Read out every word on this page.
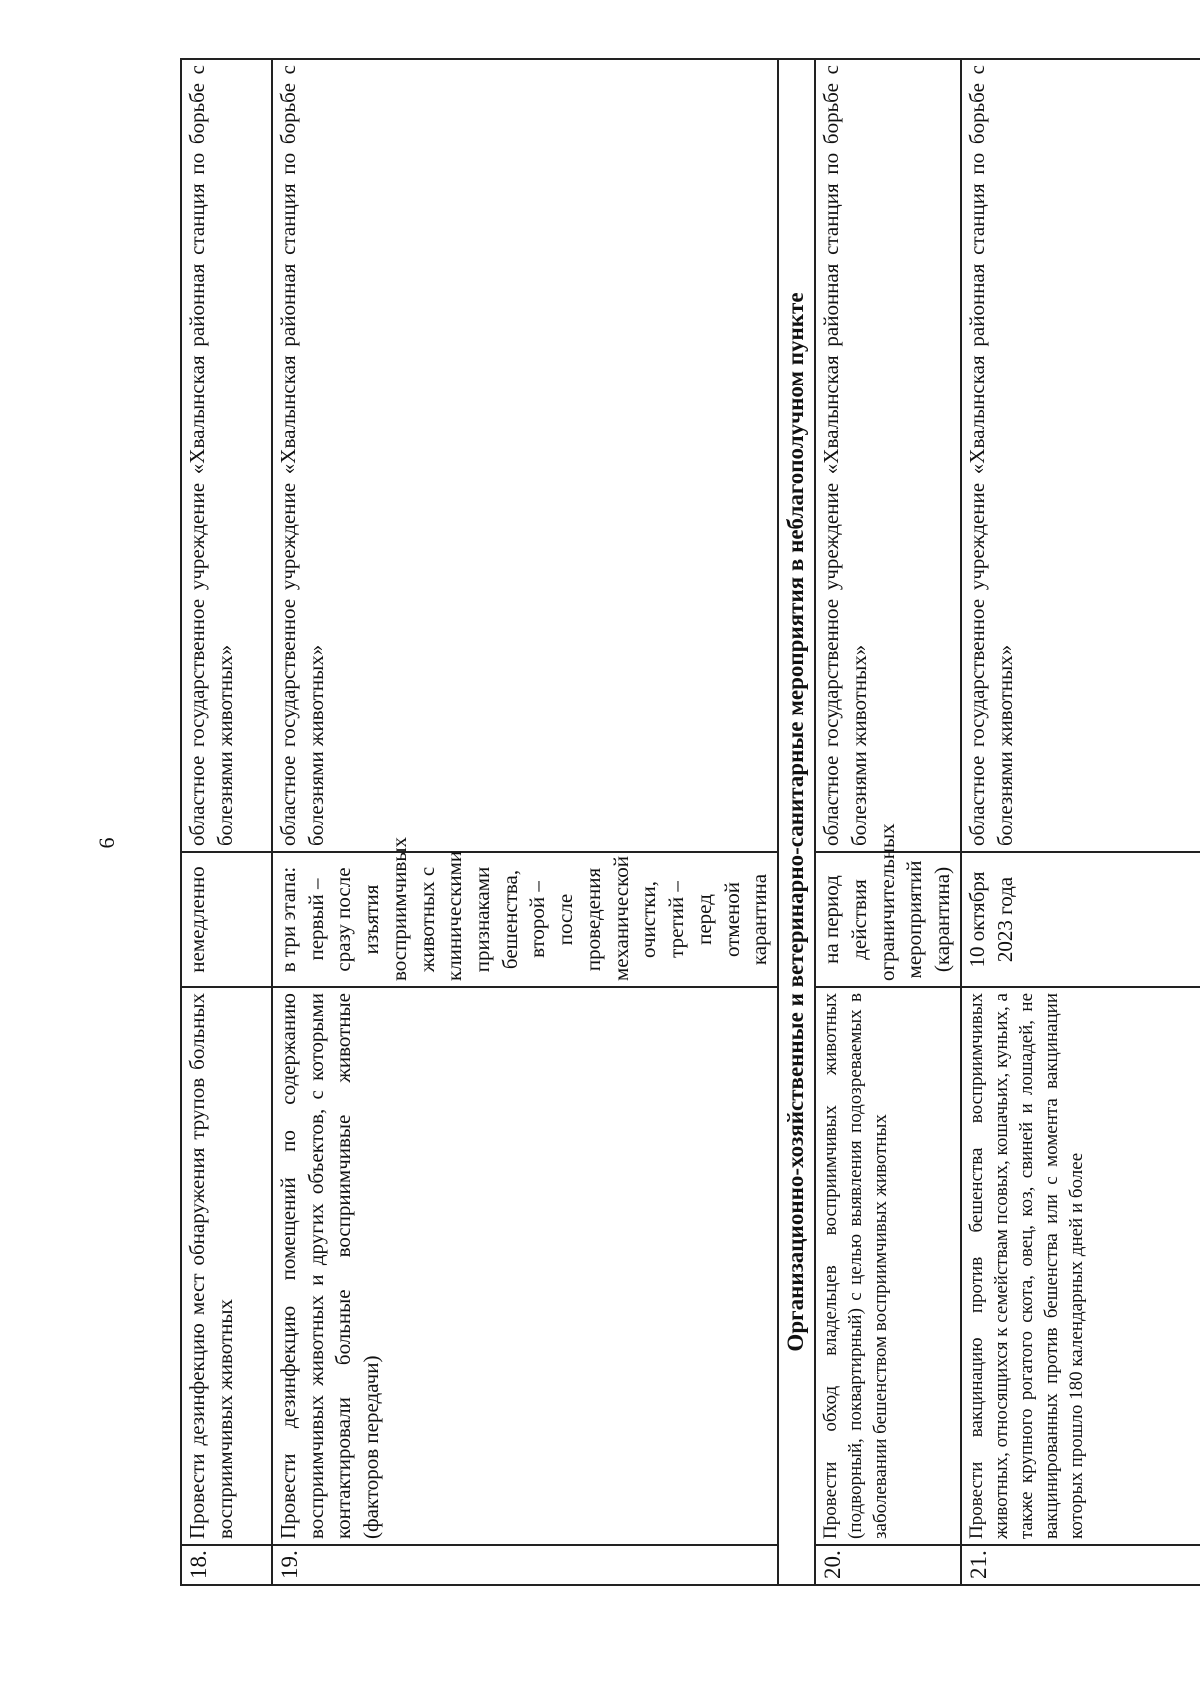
6
18.	Провести дезинфекцию мест обнаружения трупов больных восприимчивых животных	немедленно	областное государственное учреждение «Хвалынская районная станция по борьбе с болезнями животных»
19.	Провести дезинфекцию помещений по содержанию восприимчивых животных и других объектов, с которыми контактировали больные восприимчивые животные (факторов передачи)	в три этапа: первый – сразу после изъятия восприимчивых животных с клиническими признаками бешенства, второй – после проведения механической очистки, третий – перед отменой карантина	областное государственное учреждение «Хвалынская районная станция по борьбе с болезнями животных»
Организационно-хозяйственные и ветеринарно-санитарные мероприятия в неблагополучном пункте			
20.	Провести обход владельцев восприимчивых животных (подворный, поквартирный) с целью выявления подозреваемых в заболевании бешенством восприимчивых животных	на период действия ограничительных мероприятий (карантина)	областное государственное учреждение «Хвалынская районная станция по борьбе с болезнями животных»
21.	Провести вакцинацию против бешенства восприимчивых животных, относящихся к семействам псовых, кошачьих, куньих, а также крупного рогатого скота, овец, коз, свиней и лошадей, не вакцинированных против бешенства или с момента вакцинации которых прошло 180 календарных дней и более	10 октября 2023 года	областное государственное учреждение «Хвалынская районная станция по борьбе с болезнями животных»
